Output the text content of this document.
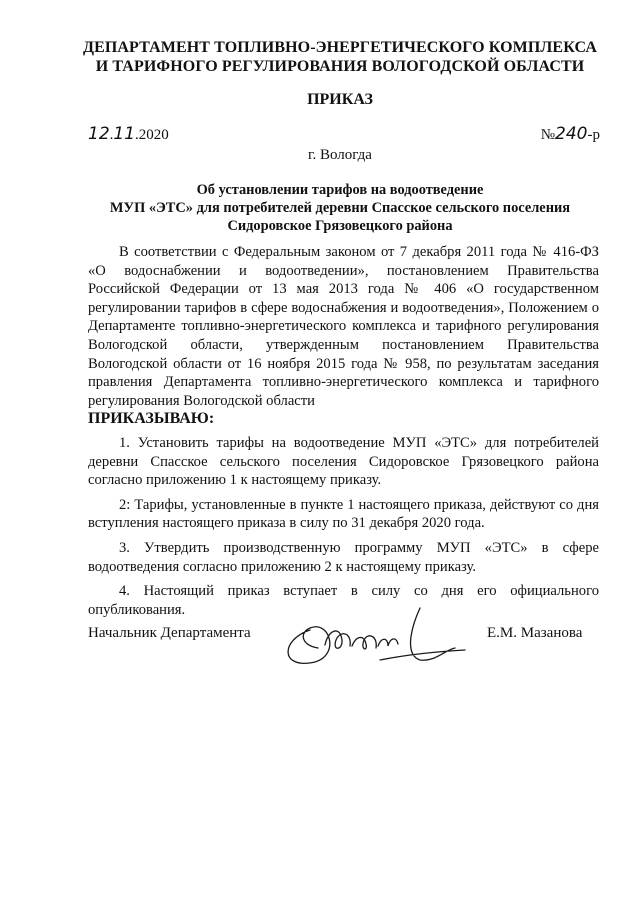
ДЕПАРТАМЕНТ ТОПЛИВНО-ЭНЕРГЕТИЧЕСКОГО КОМПЛЕКСА
И ТАРИФНОГО РЕГУЛИРОВАНИЯ ВОЛОГОДСКОЙ ОБЛАСТИ
ПРИКАЗ
12.11.2020	№240-р
г. Вологда
Об установлении тарифов на водоотведение
МУП «ЭТС» для потребителей деревни Спасское сельского поселения
Сидоровское Грязовецкого района

В соответствии с Федеральным законом от 7 декабря 2011 года № 416-ФЗ «О водоснабжении и водоотведении», постановлением Правительства Российской Федерации от 13 мая 2013 года № 406 «О государственном регулировании тарифов в сфере водоснабжения и водоотведения», Положением о Департаменте топливно-энергетического комплекса и тарифного регулирования Вологодской области, утвержденным постановлением Правительства Вологодской области от 16 ноября 2015 года № 958, по результатам заседания правления Департамента топливно-энергетического комплекса и тарифного регулирования Вологодской области

ПРИКАЗЫВАЮ:

1. Установить тарифы на водоотведение МУП «ЭТС» для потребителей деревни Спасское сельского поселения Сидоровское Грязовецкого района согласно приложению 1 к настоящему приказу.

2: Тарифы, установленные в пункте 1 настоящего приказа, действуют со дня вступления настоящего приказа в силу по 31 декабря 2020 года.

3. Утвердить производственную программу МУП «ЭТС» в сфере водоотведения согласно приложению 2 к настоящему приказу.

4. Настоящий приказ вступает в силу со дня его официального опубликования.

Начальник Департамента	Е.М. Мазанова
